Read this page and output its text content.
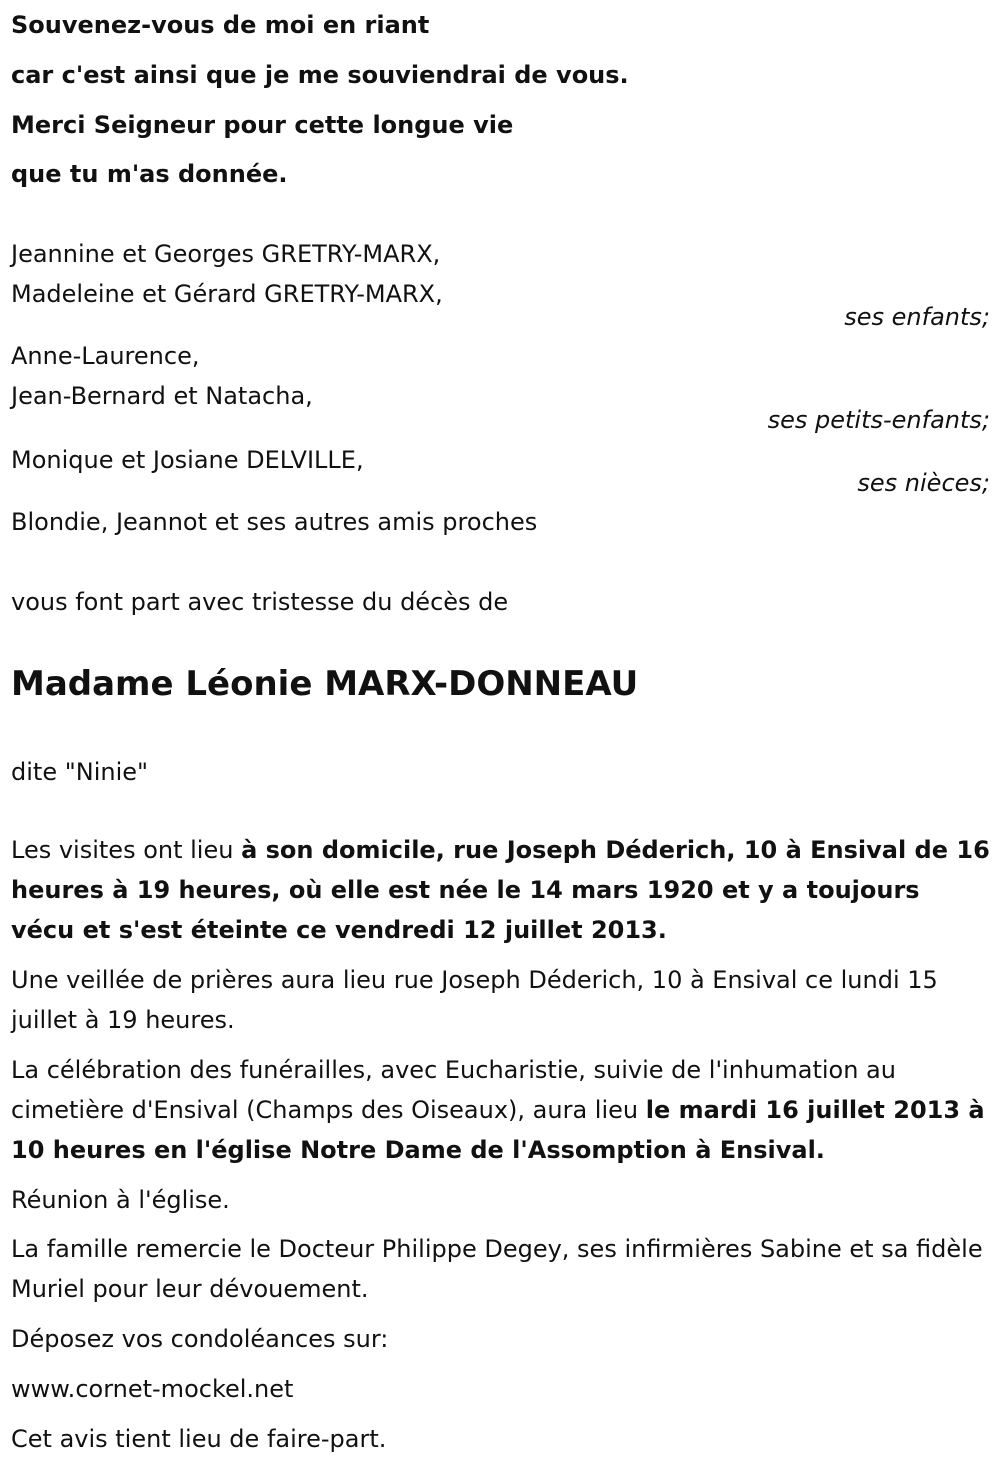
Souvenez-vous de moi en riant
car c'est ainsi que je me souviendrai de vous.
Merci Seigneur pour cette longue vie
que tu m'as donnée.
Jeannine et Georges GRETRY-MARX,
Madeleine et Gérard GRETRY-MARX,
ses enfants;
Anne-Laurence,
Jean-Bernard et Natacha,
ses petits-enfants;
Monique et Josiane DELVILLE,
ses nièces;
Blondie, Jeannot et ses autres amis proches
vous font part avec tristesse du décès de
Madame Léonie MARX-DONNEAU
dite "Ninie"
Les visites ont lieu à son domicile, rue Joseph Déderich, 10 à Ensival de 16 heures à 19 heures, où elle est née le 14 mars 1920 et y a toujours vécu et s'est éteinte ce vendredi 12 juillet 2013.
Une veillée de prières aura lieu rue Joseph Déderich, 10 à Ensival ce lundi 15 juillet à 19 heures.
La célébration des funérailles, avec Eucharistie, suivie de l'inhumation au cimetière d'Ensival (Champs des Oiseaux), aura lieu le mardi 16 juillet 2013 à 10 heures en l'église Notre Dame de l'Assomption à Ensival.
Réunion à l'église.
La famille remercie le Docteur Philippe Degey, ses infirmières Sabine et sa fidèle Muriel pour leur dévouement.
Déposez vos condoléances sur:
www.cornet-mockel.net
Cet avis tient lieu de faire-part.
